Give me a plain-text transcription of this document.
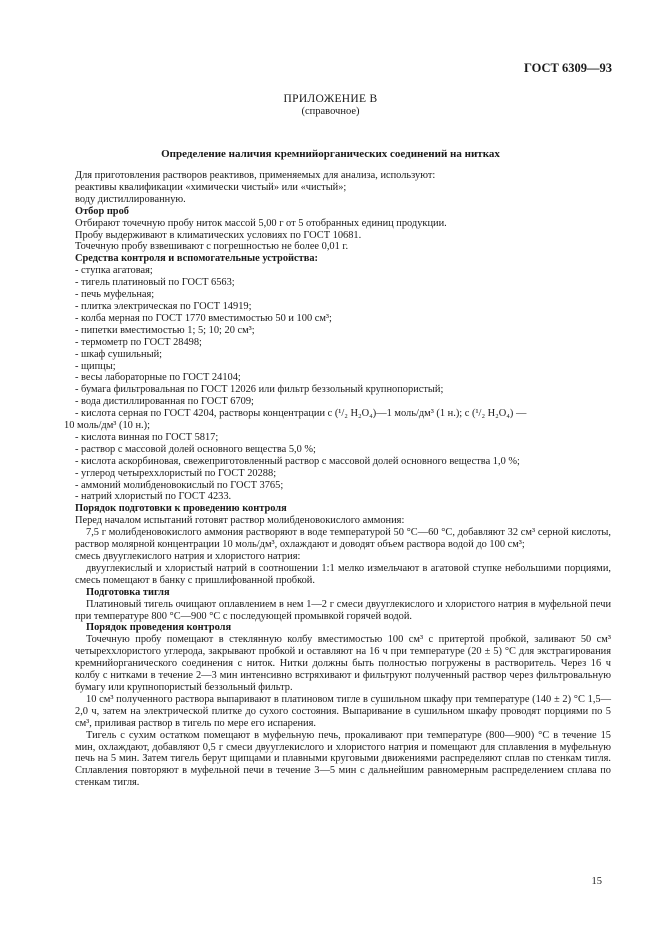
ГОСТ 6309—93
ПРИЛОЖЕНИЕ В
(справочное)
Определение наличия кремнийорганических соединений на нитках

Для приготовления растворов реактивов, применяемых для анализа, используют:

реактивы квалификации «химически чистый» или «чистый»;

воду дистиллированную.

Отбор проб

Отбирают точечную пробу ниток массой 5,00 г от 5 отобранных единиц продукции.

Пробу выдерживают в климатических условиях по ГОСТ 10681.

Точечную пробу взвешивают с погрешностью не более 0,01 г.

Средства контроля и вспомогательные устройства:

- ступка агатовая;

- тигель платиновый по ГОСТ 6563;

- печь муфельная;

- плитка электрическая по ГОСТ 14919;

- колба мерная по ГОСТ 1770 вместимостью 50 и 100 см³;

- пипетки вместимостью 1; 5; 10; 20 см³;

- термометр по ГОСТ 28498;

- шкаф сушильный;

- щипцы;

- весы лабораторные по ГОСТ 24104;

- бумага фильтровальная по ГОСТ 12026 или фильтр беззольный крупнопористый;

- вода дистиллированная по ГОСТ 6709;

- кислота серная по ГОСТ 4204, растворы концентрации с (¹/₂ H₂O₄)—1 моль/дм³ (1 н.); с (¹/₂ H₂O₄) —

10 моль/дм³ (10 н.);

- кислота винная по ГОСТ 5817;

- раствор с массовой долей основного вещества 5,0 %;

- кислота аскорбиновая, свежеприготовленный раствор с массовой долей основного вещества 1,0 %;

- углерод четыреххлористый по ГОСТ 20288;

- аммоний молибденовокислый по ГОСТ 3765;

- натрий хлористый по ГОСТ 4233.

Порядок подготовки к проведению контроля

Перед началом испытаний готовят раствор молибденовокислого аммония:

7,5 г молибденовокислого аммония растворяют в воде температурой 50 °С—60 °С, добавляют 32 см³ серной кислоты, раствор молярной концентрации 10 моль/дм³, охлаждают и доводят объем раствора водой до 100 см³;

смесь двууглекислого натрия и хлористого натрия:

двууглекислый и хлористый натрий в соотношении 1:1 мелко измельчают в агатовой ступке небольшими порциями, смесь помещают в банку с пришлифованной пробкой.

Подготовка тигля

Платиновый тигель очищают оплавлением в нем 1—2 г смеси двууглекислого и хлористого натрия в муфельной печи при температуре 800 °С—900 °С с последующей промывкой горячей водой.

Порядок проведения контроля

Точечную пробу помещают в стеклянную колбу вместимостью 100 см³ с притертой пробкой, заливают 50 см³ четыреххлористого углерода, закрывают пробкой и оставляют на 16 ч при температуре (20 ± 5) °С для экстрагирования кремнийорганического соединения с ниток. Нитки должны быть полностью погружены в растворитель. Через 16 ч колбу с нитками в течение 2—3 мин интенсивно встряхивают и фильтруют полученный раствор через фильтровальную бумагу или крупнопористый беззольный фильтр.

10 см³ полученного раствора выпаривают в платиновом тигле в сушильном шкафу при температуре (140 ± 2) °С 1,5—2,0 ч, затем на электрической плитке до сухого состояния. Выпаривание в сушильном шкафу проводят порциями по 5 см³, приливая раствор в тигель по мере его испарения.

Тигель с сухим остатком помещают в муфельную печь, прокаливают при температуре (800—900) °С в течение 15 мин, охлаждают, добавляют 0,5 г смеси двууглекислого и хлористого натрия и помещают для сплавления в муфельную печь на 5 мин. Затем тигель берут щипцами и плавными круговыми движениями распределяют сплав по стенкам тигля. Сплавления повторяют в муфельной печи в течение 3—5 мин с дальнейшим равномерным распределением сплава по стенкам тигля.

15
